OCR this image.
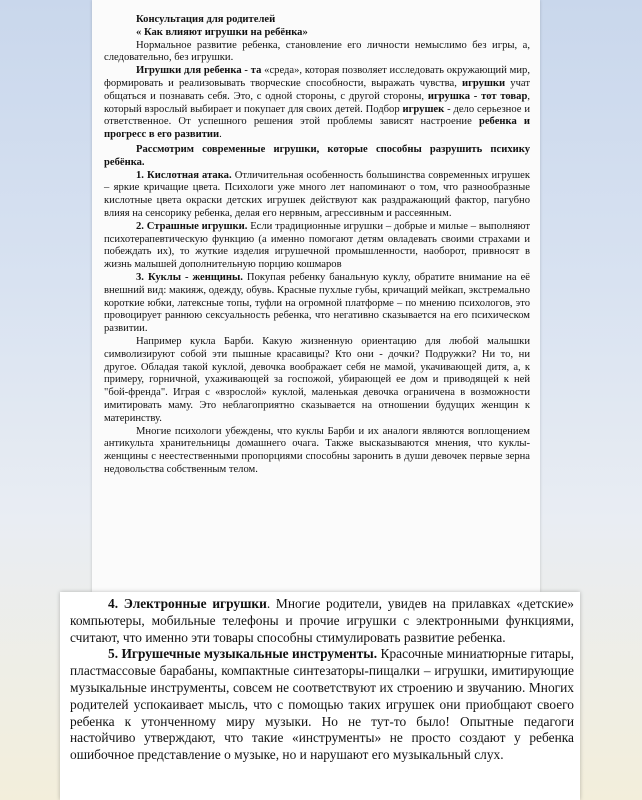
Консультация для родителей

« Как влияют игрушки на ребёнка»

Нормальное развитие ребенка, становление его личности немыслимо без игры, а, следовательно, без игрушки.

Игрушки для ребенка - та «среда», которая позволяет исследовать окружающий мир, формировать и реализовывать творческие способности, выражать чувства, игрушки учат общаться и познавать себя. Это, с одной стороны, с другой стороны, игрушка - тот товар, который взрослый выбирает и покупает для своих детей. Подбор игрушек - дело серьезное и ответственное. От успешного решения этой проблемы зависят настроение ребенка и прогресс в его развитии.

Рассмотрим современные игрушки, которые способны разрушить психику ребёнка.

1. Кислотная атака. Отличительная особенность большинства современных игрушек – яркие кричащие цвета. Психологи уже много лет напоминают о том, что разнообразные кислотные цвета окраски детских игрушек действуют как раздражающий фактор, пагубно влияя на сенсорику ребенка, делая его нервным, агрессивным и рассеянным.

2. Страшные игрушки. Если традиционные игрушки – добрые и милые – выполняют психотерапевтическую функцию (а именно помогают детям овладевать своими страхами и побеждать их), то жуткие изделия игрушечной промышленности, наоборот, привносят в жизнь малышей дополнительную порцию кошмаров

3. Куклы - женщины. Покупая ребенку банальную куклу, обратите внимание на её внешний вид: макияж, одежду, обувь. Красные пухлые губы, кричащий мейкап, экстремально короткие юбки, латексные топы, туфли на огромной платформе – по мнению психологов, это провоцирует раннюю сексуальность ребенка, что негативно сказывается на его психическом развитии.

Например кукла Барби. Какую жизненную ориентацию для любой малышки символизируют собой эти пышные красавицы? Кто они - дочки? Подружки? Ни то, ни другое. Обладая такой куклой, девочка воображает себя не мамой, укачивающей дитя, а, к примеру, горничной, ухаживающей за госпожой, убирающей ее дом и приводящей к ней "бой-френда". Играя с «взрослой» куклой, маленькая девочка ограничена в возможности имитировать маму. Это неблагоприятно сказывается на отношении будущих женщин к материнству.

Многие психологи убеждены, что куклы Барби и их аналоги являются воплощением антикульта хранительницы домашнего очага. Также высказываются мнения, что куклы-женщины с неестественными пропорциями способны заронить в души девочек первые зерна недовольства собственным телом.

4. Электронные игрушки. Многие родители, увидев на прилавках «детские» компьютеры, мобильные телефоны и прочие игрушки с электронными функциями, считают, что именно эти товары способны стимулировать развитие ребенка.

5. Игрушечные музыкальные инструменты. Красочные миниатюрные гитары, пластмассовые барабаны, компактные синтезаторы-пищалки – игрушки, имитирующие музыкальные инструменты, совсем не соответствуют их строению и звучанию. Многих родителей успокаивает мысль, что с помощью таких игрушек они приобщают своего ребенка к утонченному миру музыки. Но не тут-то было! Опытные педагоги настойчиво утверждают, что такие «инструменты» не просто создают у ребенка ошибочное представление о музыке, но и нарушают его музыкальный слух.
